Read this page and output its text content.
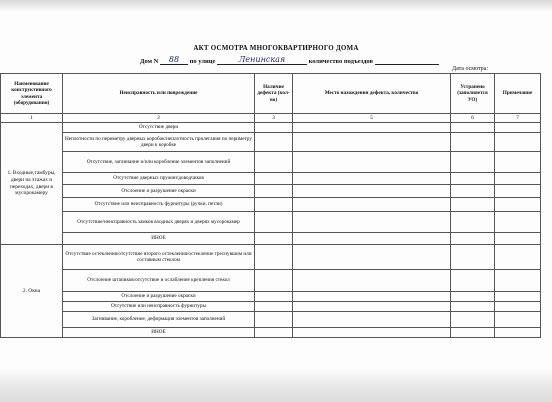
АКТ ОСМОТРА МНОГОКВАРТИРНОГО ДОМА
Дом N 88 по улице	Ленинская	количество подъездов
Дата осмотра:
Наименование конструктивного элемента (оборудования)	Неисправность или повреждение	Наличие дефекта (кол-во)	Место нахождения дефекта, количество	Устранено (заполняется УО)	Примечание
1	2	3	5	6	7
1. Входные,тамбуры, двери на этажах и переходах, двери в мусорокамеру	Отсутствие двери				
	Неплотности по периметру дверных коробок/неплотность прилегания по периметру двери к коробке				
	Отсутствие, заглинание и/или коробление элементов заполнений				
	Отсутствие дверных пружин/доводчиков				
	Отслоение и разрушение окраски				
	Отсутствие или неисправность фурнитуры (ручки, петли)				
	Отсутствие/неисправность замков входных дверях и дверях мусорокамер				
	ИНОЕ				
2. Окна	Отсутствие остекления/отсутствие второго остекления/остекление треснувшим или составным стеклом				
	Отслоение штапиков/отсутствие и ослабление крепления стекол				
	Отслоение и разрушение окраски				
	Отсутствие или неисправность фурнитуры				
	Загнивание, коробление, деформация элементов заполнений				
	ИНОЕ				
